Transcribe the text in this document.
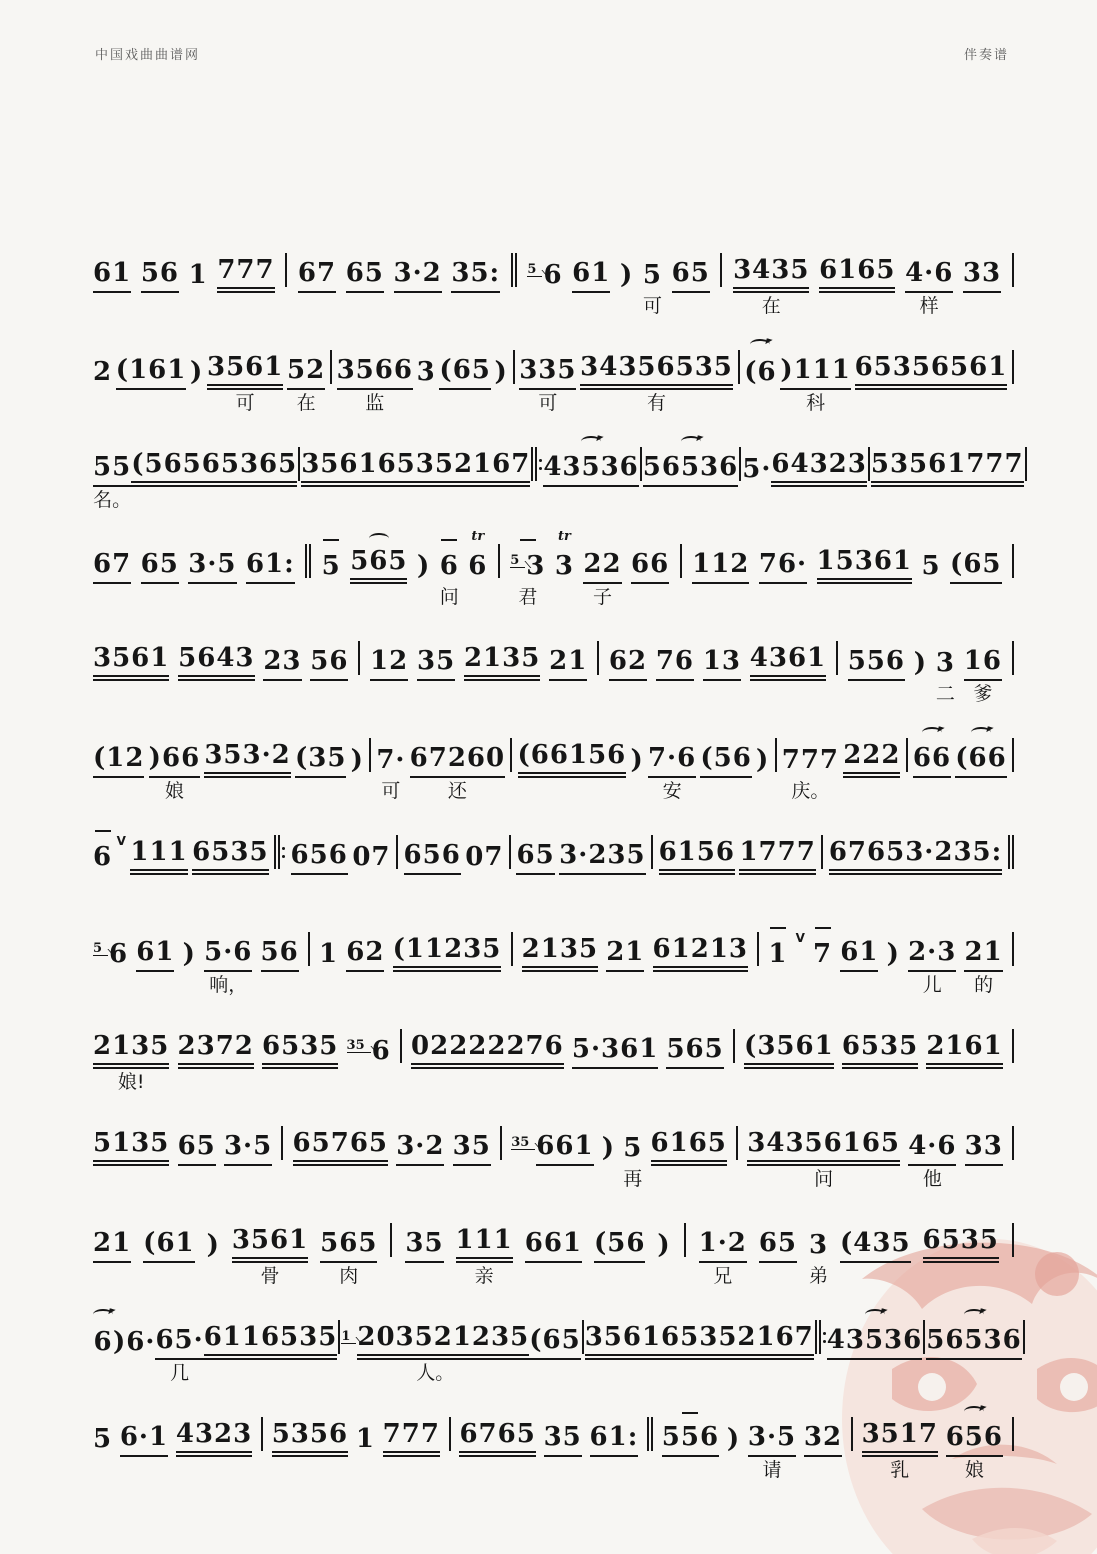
中国戏曲曲谱网	伴奏谱
61 56 1 777 67 65 3·2 35: 5 6 61 ) 5
可
65 3435
在
6165 4·6
样
33
2 (161 ) 3561
可
52
在
3566
监
3 (65 ) 335
可
34356535
有
(6 )111
科
65356561
55
名。
(56565365 356165352167 43536 56536 5· 64323 53561777
67 65 3·5 61: 5 565 ) 6
问
tr
6 5 3
君
tr
3 22
子
66 112 76· 15361 5 (65
3561 5643 23 56 12 35 2135 21 62 76 13 4361 556 ) 3
二
16
爹
(12 )66
娘
353·2 (35 ) 7·
可
67260
还
(66156 ) 7·6
安
(56 ) 777
庆。
222 66 (66
6
V 111 6535 656 07 656 07 65 3·235 6156 1777 67653·235:
5 6 61 ) 5·6
响，
56 1 62 (11235 2135 21 61213 1
V
7 61 ) 2·3
儿
21
的
2135
娘!
2372 6535 35 6 02222276 5·361 565 (3561 6535 2161
5135 65 3·5 65765 3·2 35 35 661 ) 5
再
6165 34356165
问
4·6
他
33
21 (61 ) 3561
骨
565
肉
35 111
亲
661 (56 ) 1·2
兄
65 3
弟
(435 6535
6 )6· 65·
几
6116535 1 203521235
人。
(65 356165352167 43536 56536
5 6·1 4323 5356 1 777 6765 35 61: 556 ) 3·5
请
32 3517
乳
656
娘
